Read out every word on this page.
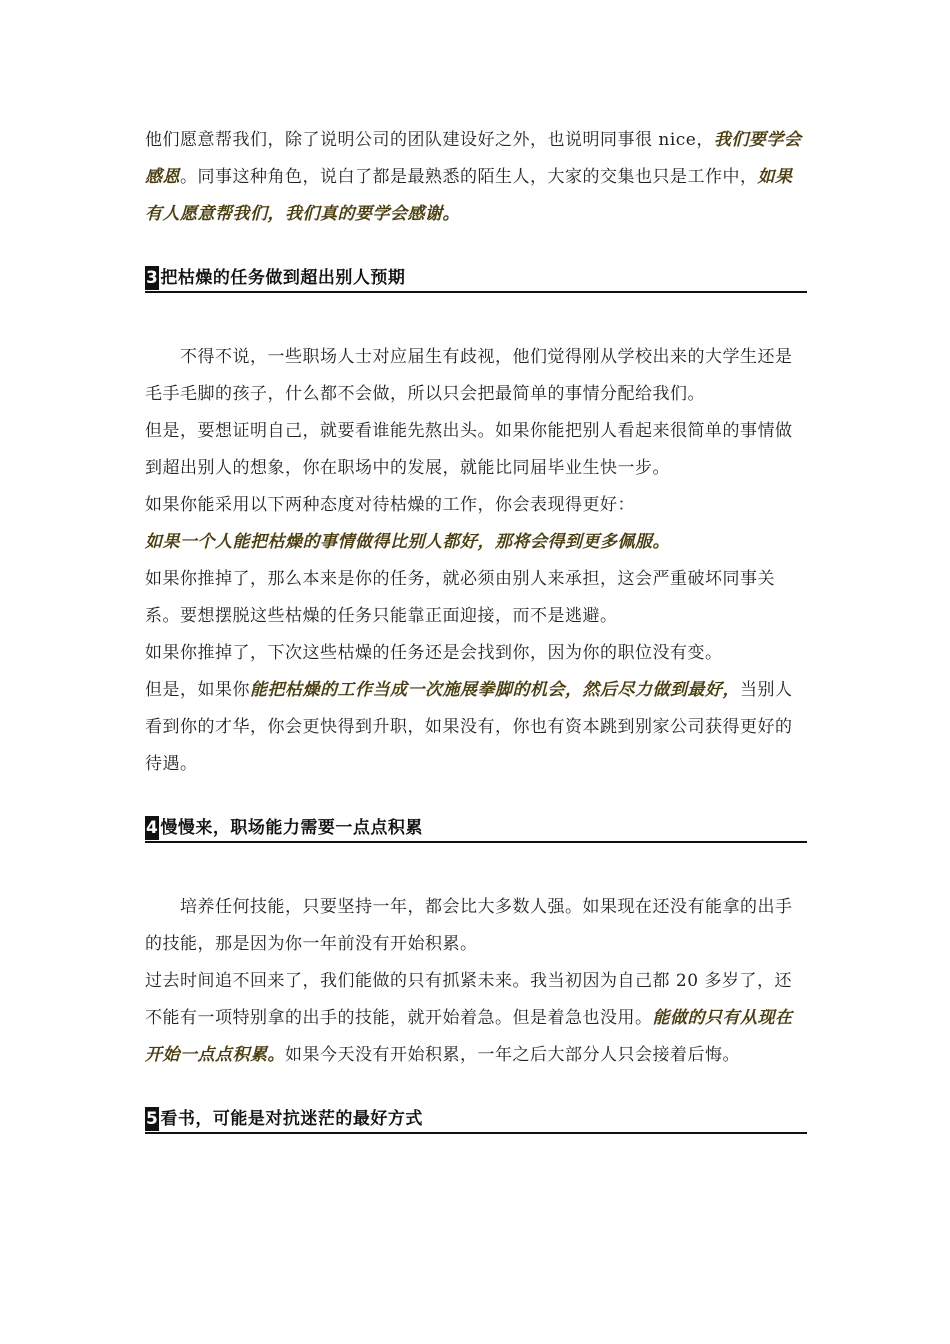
他们愿意帮我们，除了说明公司的团队建设好之外，也说明同事很 nice，我们要学会感恩。同事这种角色，说白了都是最熟悉的陌生人，大家的交集也只是工作中，如果有人愿意帮我们，我们真的要学会感谢。

3 把枯燥的任务做到超出别人预期

不得不说，一些职场人士对应届生有歧视，他们觉得刚从学校出来的大学生还是毛手毛脚的孩子，什么都不会做，所以只会把最简单的事情分配给我们。

但是，要想证明自己，就要看谁能先熬出头。如果你能把别人看起来很简单的事情做到超出别人的想象，你在职场中的发展，就能比同届毕业生快一步。

如果你能采用以下两种态度对待枯燥的工作，你会表现得更好：

如果一个人能把枯燥的事情做得比别人都好，那将会得到更多佩服。

如果你推掉了，那么本来是你的任务，就必须由别人来承担，这会严重破坏同事关系。要想摆脱这些枯燥的任务只能靠正面迎接，而不是逃避。

如果你推掉了，下次这些枯燥的任务还是会找到你，因为你的职位没有变。

但是，如果你能把枯燥的工作当成一次施展拳脚的机会，然后尽力做到最好，当别人看到你的才华，你会更快得到升职，如果没有，你也有资本跳到别家公司获得更好的待遇。

4 慢慢来，职场能力需要一点点积累

培养任何技能，只要坚持一年，都会比大多数人强。如果现在还没有能拿的出手的技能，那是因为你一年前没有开始积累。

过去时间追不回来了，我们能做的只有抓紧未来。我当初因为自己都 20 多岁了，还不能有一项特别拿的出手的技能，就开始着急。但是着急也没用。能做的只有从现在开始一点点积累。如果今天没有开始积累，一年之后大部分人只会接着后悔。

5 看书，可能是对抗迷茫的最好方式
